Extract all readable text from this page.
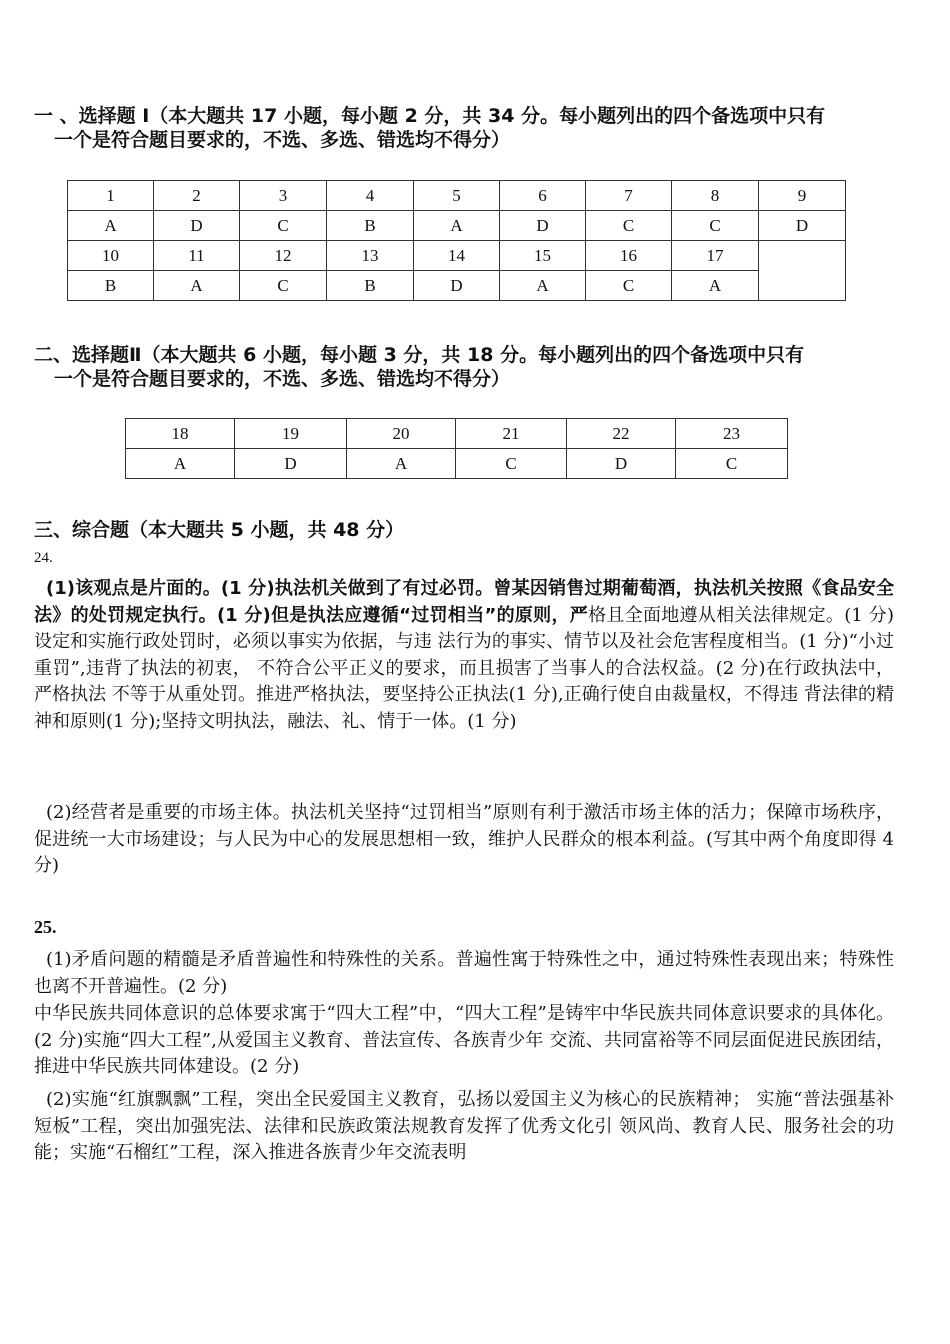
一 、选择题 Ⅰ（本大题共 17 小题，每小题 2 分，共 34 分。每小题列出的四个备选项中只有
一个是符合题目要求的，不选、多选、错选均不得分）
1	2	3	4	5	6	7	8	9
A	D	C	B	A	D	C	C	D
10	11	12	13	14	15	16	17	
B	A	C	B	D	A	C	A	
二、选择题Ⅱ（本大题共 6 小题，每小题 3 分，共 18 分。每小题列出的四个备选项中只有
一个是符合题目要求的，不选、多选、错选均不得分）
18	19	20	21	22	23
A	D	A	C	D	C
三、综合题（本大题共 5 小题，共 48 分）
24.

(1)该观点是片面的。(1 分)执法机关做到了有过必罚。曾某因销售过期葡萄酒，执法机关按照《食品安全法》的处罚规定执行。(1 分)但是执法应遵循“过罚相当”的原则，严格且全面地遵从相关法律规定。(1 分)设定和实施行政处罚时，必须以事实为依据，与违 法行为的事实、情节以及社会危害程度相当。(1 分)“小过重罚”,违背了执法的初衷， 不符合公平正义的要求，而且损害了当事人的合法权益。(2 分)在行政执法中，严格执法 不等于从重处罚。推进严格执法，要坚持公正执法(1 分),正确行使自由裁量权，不得违 背法律的精神和原则(1 分);坚持文明执法，融法、礼、情于一体。(1 分)

(2)经营者是重要的市场主体。执法机关坚持“过罚相当”原则有利于激活市场主体的活力；保障市场秩序，促进统一大市场建设；与人民为中心的发展思想相一致，维护人民群众的根本利益。(写其中两个角度即得 4 分)

25.

(1)矛盾问题的精髓是矛盾普遍性和特殊性的关系。普遍性寓于特殊性之中，通过特殊性表现出来；特殊性也离不开普遍性。(2 分)

中华民族共同体意识的总体要求寓于“四大工程”中，“四大工程”是铸牢中华民族共同体意识要求的具体化。(2 分)实施“四大工程”,从爱国主义教育、普法宣传、各族青少年 交流、共同富裕等不同层面促进民族团结，推进中华民族共同体建设。(2 分)

(2)实施“红旗飘飘”工程，突出全民爱国主义教育，弘扬以爱国主义为核心的民族精神； 实施“普法强基补短板”工程，突出加强宪法、法律和民族政策法规教育发挥了优秀文化引 领风尚、教育人民、服务社会的功能；实施“石榴红”工程，深入推进各族青少年交流表明
